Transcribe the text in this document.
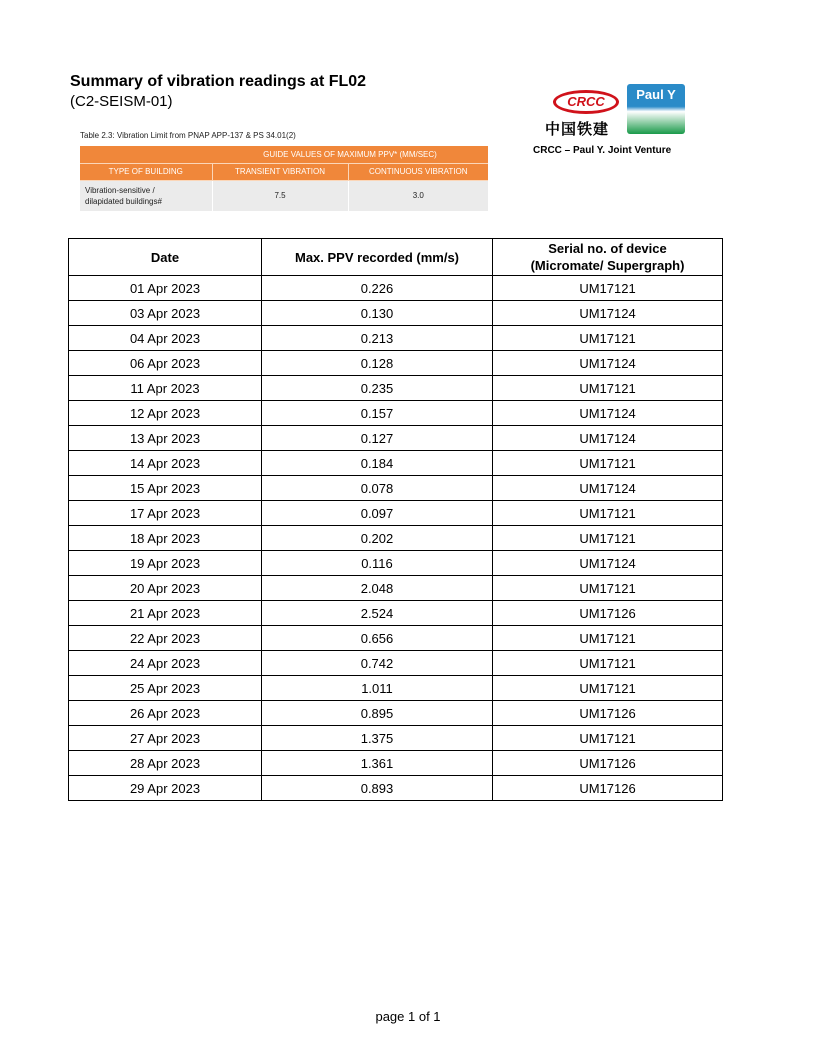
Summary of vibration readings at FL02
(C2-SEISM-01)	CRCC
中国铁建
Paul Y
CRCC – Paul Y. Joint Venture
Table 2.3: Vibration Limit from PNAP APP-137 & PS 34.01(2)
	GUIDE VALUES OF MAXIMUM PPV* (MM/SEC)	
TYPE OF BUILDING	TRANSIENT VIBRATION	CONTINUOUS VIBRATION
Vibration-sensitive /
dilapidated buildings#	7.5	3.0
Date	Max. PPV recorded (mm/s)	Serial no. of device
(Micromate/ Supergraph)
01 Apr 2023	0.226	UM17121
03 Apr 2023	0.130	UM17124
04 Apr 2023	0.213	UM17121
06 Apr 2023	0.128	UM17124
11 Apr 2023	0.235	UM17121
12 Apr 2023	0.157	UM17124
13 Apr 2023	0.127	UM17124
14 Apr 2023	0.184	UM17121
15 Apr 2023	0.078	UM17124
17 Apr 2023	0.097	UM17121
18 Apr 2023	0.202	UM17121
19 Apr 2023	0.116	UM17124
20 Apr 2023	2.048	UM17121
21 Apr 2023	2.524	UM17126
22 Apr 2023	0.656	UM17121
24 Apr 2023	0.742	UM17121
25 Apr 2023	1.011	UM17121
26 Apr 2023	0.895	UM17126
27 Apr 2023	1.375	UM17121
28 Apr 2023	1.361	UM17126
29 Apr 2023	0.893	UM17126
page 1 of 1
